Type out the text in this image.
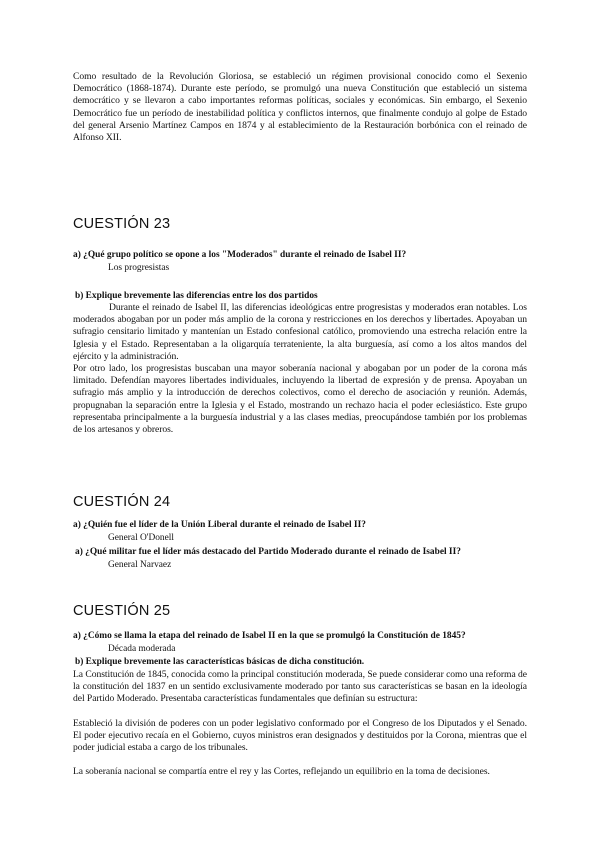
Como resultado de la Revolución Gloriosa, se estableció un régimen provisional conocido como el Sexenio Democrático (1868-1874). Durante este período, se promulgó una nueva Constitución que estableció un sistema democrático y se llevaron a cabo importantes reformas políticas, sociales y económicas. Sin embargo, el Sexenio Democrático fue un período de inestabilidad política y conflictos internos, que finalmente condujo al golpe de Estado del general Arsenio Martínez Campos en 1874 y al establecimiento de la Restauración borbónica con el reinado de Alfonso XII.

CUESTIÓN 23

a) ¿Qué grupo político se opone a los "Moderados" durante el reinado de Isabel II?

Los progresistas

b) Explique brevemente las diferencias entre los dos partidos

Durante el reinado de Isabel II, las diferencias ideológicas entre progresistas y moderados eran notables. Los moderados abogaban por un poder más amplio de la corona y restricciones en los derechos y libertades. Apoyaban un sufragio censitario limitado y mantenían un Estado confesional católico, promoviendo una estrecha relación entre la Iglesia y el Estado. Representaban a la oligarquía terrateniente, la alta burguesía, así como a los altos mandos del ejército y la administración.

Por otro lado, los progresistas buscaban una mayor soberanía nacional y abogaban por un poder de la corona más limitado. Defendían mayores libertades individuales, incluyendo la libertad de expresión y de prensa. Apoyaban un sufragio más amplio y la introducción de derechos colectivos, como el derecho de asociación y reunión. Además, propugnaban la separación entre la Iglesia y el Estado, mostrando un rechazo hacia el poder eclesiástico. Este grupo representaba principalmente a la burguesía industrial y a las clases medias, preocupándose también por los problemas de los artesanos y obreros.

CUESTIÓN 24

a) ¿Quién fue el líder de la Unión Liberal durante el reinado de Isabel II?

General O'Donell

a) ¿Qué militar fue el líder más destacado del Partido Moderado durante el reinado de Isabel II?

General Narvaez

CUESTIÓN 25

a) ¿Cómo se llama la etapa del reinado de Isabel II en la que se promulgó la Constitución de 1845?

Década moderada

b) Explique brevemente las características básicas de dicha constitución.

La Constitución de 1845, conocida como la principal constitución moderada, Se puede considerar como una reforma de la constitución del 1837 en un sentido exclusivamente moderado por tanto sus características se basan en la ideología del Partido Moderado. Presentaba características fundamentales que definían su estructura:

Estableció la división de poderes con un poder legislativo conformado por el Congreso de los Diputados y el Senado. El poder ejecutivo recaía en el Gobierno, cuyos ministros eran designados y destituidos por la Corona, mientras que el poder judicial estaba a cargo de los tribunales.

La soberanía nacional se compartía entre el rey y las Cortes, reflejando un equilibrio en la toma de decisiones.
